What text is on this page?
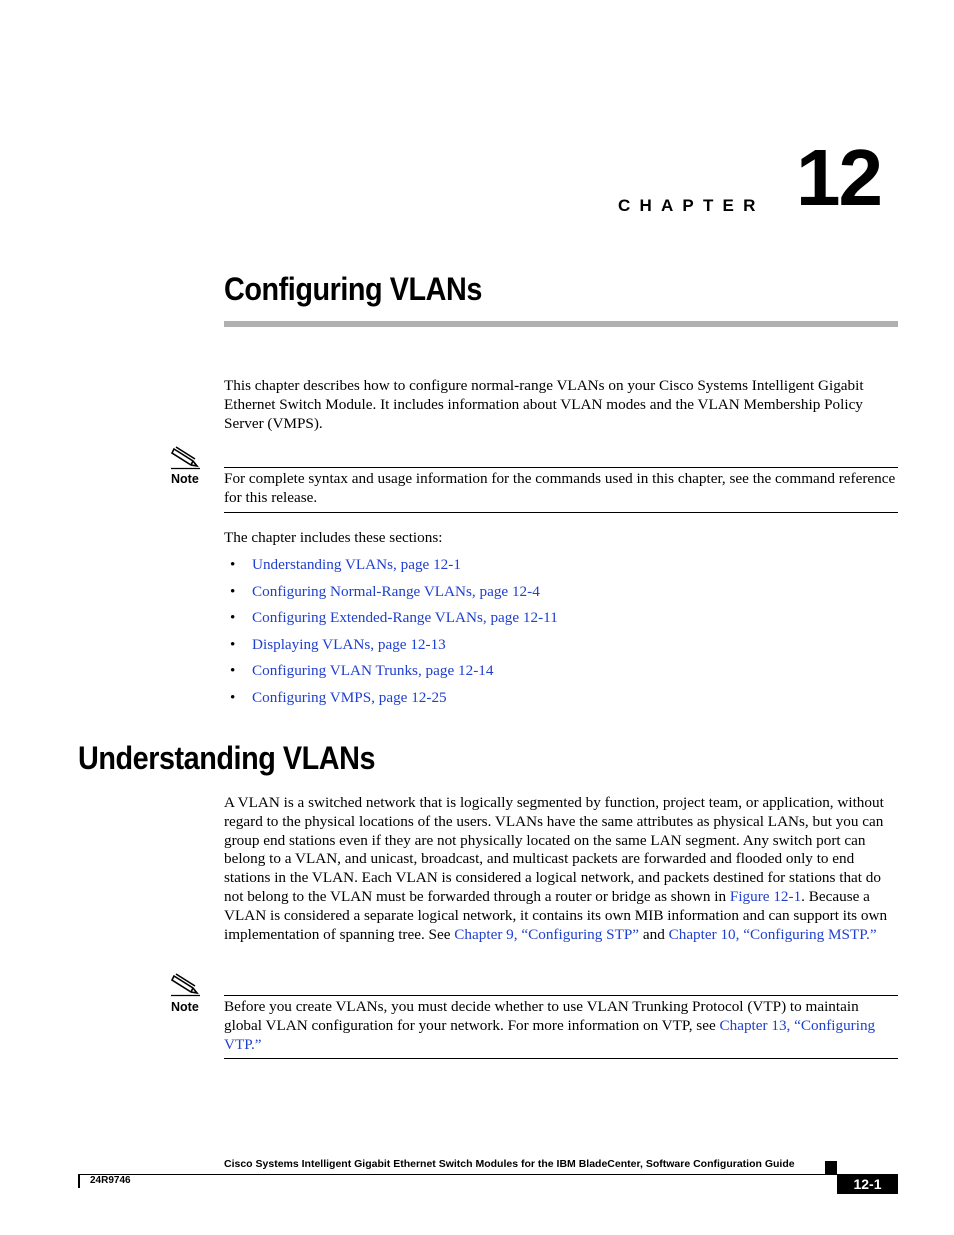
CHAPTER 12
Configuring VLANs
This chapter describes how to configure normal-range VLANs on your Cisco Systems Intelligent Gigabit Ethernet Switch Module. It includes information about VLAN modes and the VLAN Membership Policy Server (VMPS).
Note For complete syntax and usage information for the commands used in this chapter, see the command reference for this release.
The chapter includes these sections:
• Understanding VLANs, page 12-1
• Configuring Normal-Range VLANs, page 12-4
• Configuring Extended-Range VLANs, page 12-11
• Displaying VLANs, page 12-13
• Configuring VLAN Trunks, page 12-14
• Configuring VMPS, page 12-25
Understanding VLANs
A VLAN is a switched network that is logically segmented by function, project team, or application, without regard to the physical locations of the users. VLANs have the same attributes as physical LANs, but you can group end stations even if they are not physically located on the same LAN segment. Any switch port can belong to a VLAN, and unicast, broadcast, and multicast packets are forwarded and flooded only to end stations in the VLAN. Each VLAN is considered a logical network, and packets destined for stations that do not belong to the VLAN must be forwarded through a router or bridge as shown in Figure 12-1. Because a VLAN is considered a separate logical network, it contains its own MIB information and can support its own implementation of spanning tree. See Chapter 9, “Configuring STP” and Chapter 10, “Configuring MSTP.”
Note Before you create VLANs, you must decide whether to use VLAN Trunking Protocol (VTP) to maintain global VLAN configuration for your network. For more information on VTP, see Chapter 13, “Configuring VTP.”
Cisco Systems Intelligent Gigabit Ethernet Switch Modules for the IBM BladeCenter, Software Configuration Guide
24R9746	12-1
